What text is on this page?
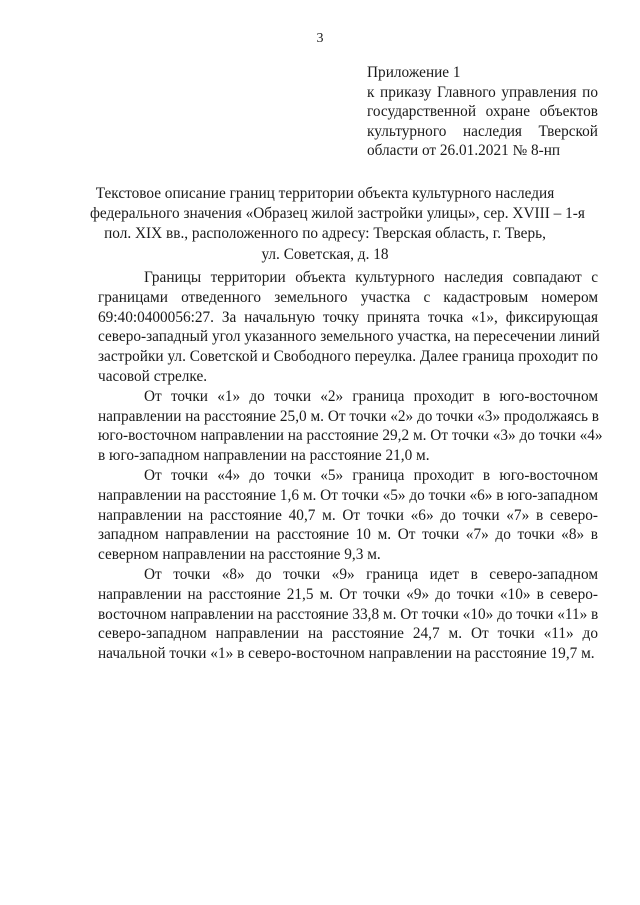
3
Приложение 1
к приказу Главного управления по
государственной охране объектов
культурного наследия Тверской
области от 26.01.2021 № 8-нп
Текстовое описание границ территории объекта культурного наследия
федерального значения «Образец жилой застройки улицы», сер. XVIII – 1-я
пол. XIX вв., расположенного по адресу: Тверская область, г. Тверь,
ул. Советская, д. 18
Границы территории объекта культурного наследия совпадают с
границами отведенного земельного участка с кадастровым номером
69:40:0400056:27. За начальную точку принята точка «1», фиксирующая
северо-западный угол указанного земельного участка, на пересечении линий
застройки ул. Советской и Свободного переулка. Далее граница проходит по
часовой стрелке.
От точки «1» до точки «2» граница проходит в юго-восточном
направлении на расстояние 25,0 м. От точки «2» до точки «3» продолжаясь в
юго-восточном направлении на расстояние 29,2 м. От точки «3» до точки «4»
в юго-западном направлении на расстояние 21,0 м.
От точки «4» до точки «5» граница проходит в юго-восточном
направлении на расстояние 1,6 м. От точки «5» до точки «6» в юго-западном
направлении на расстояние 40,7 м. От точки «6» до точки «7» в северо-
западном направлении на расстояние 10 м. От точки «7» до точки «8» в
северном направлении на расстояние 9,3 м.
От точки «8» до точки «9» граница идет в северо-западном
направлении на расстояние 21,5 м. От точки «9» до точки «10» в северо-
восточном направлении на расстояние 33,8 м. От точки «10» до точки «11» в
северо-западном направлении на расстояние 24,7 м. От точки «11» до
начальной точки «1» в северо-восточном направлении на расстояние 19,7 м.
